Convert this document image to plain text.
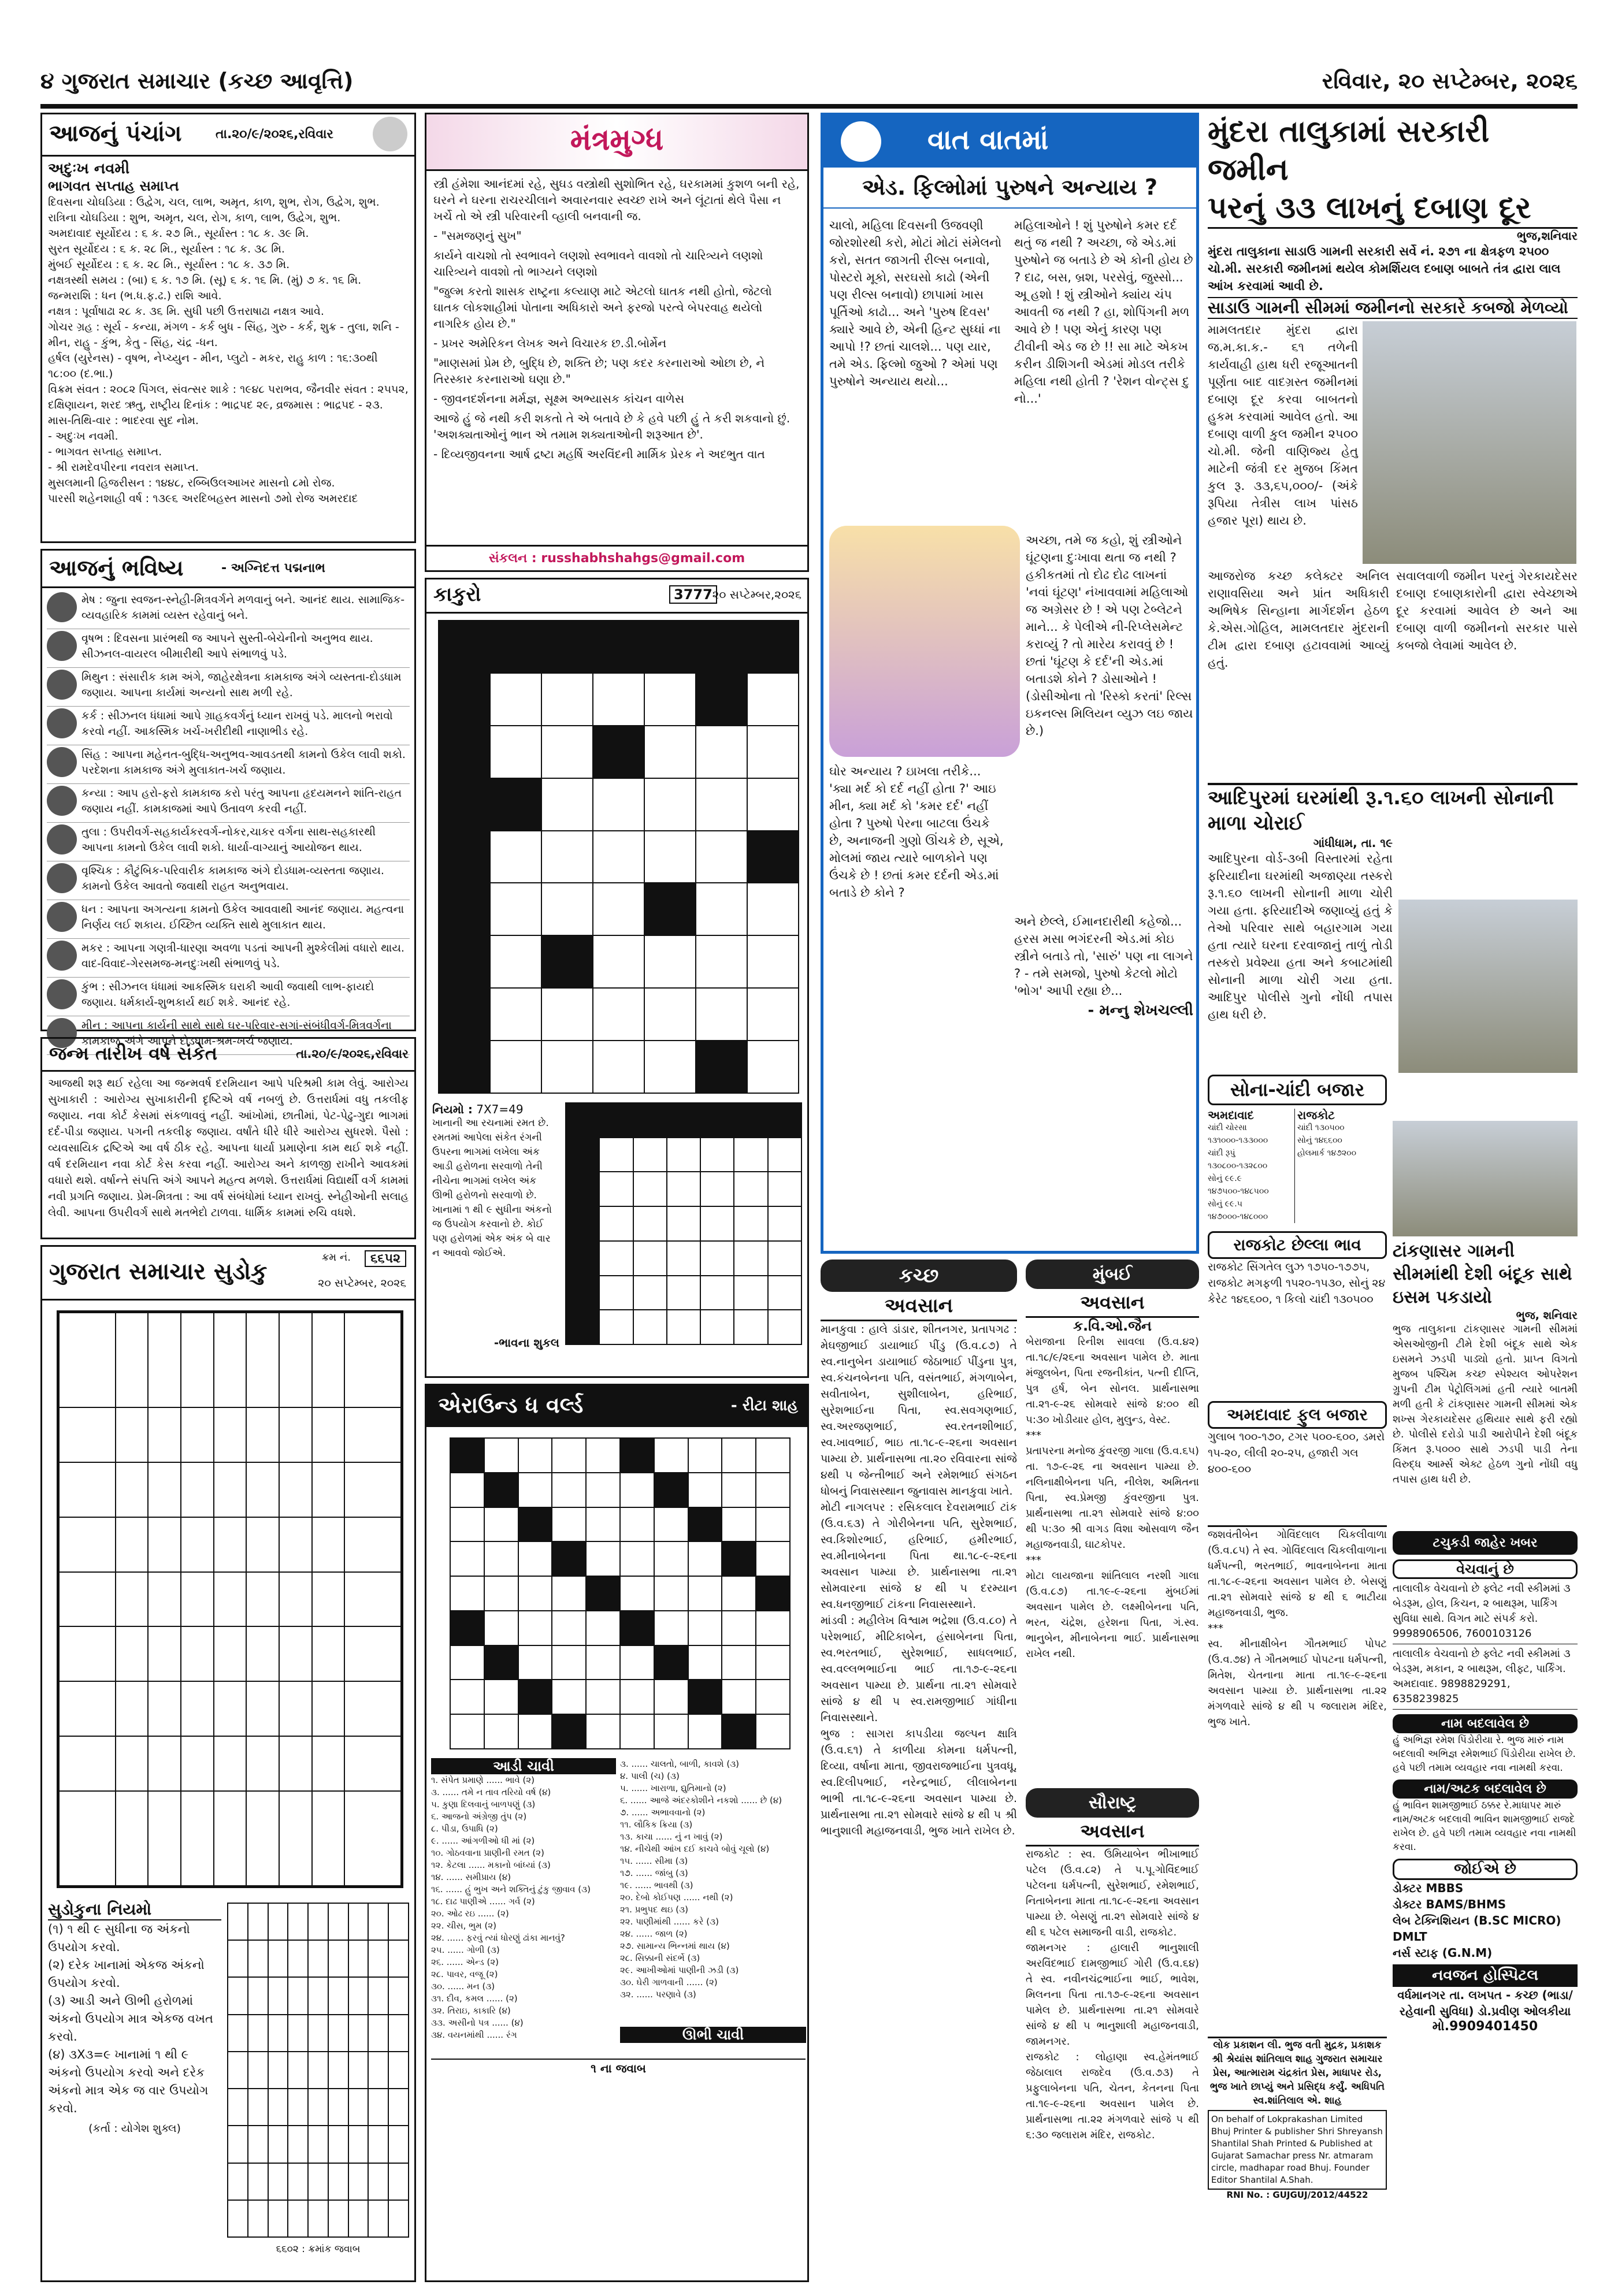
૪ ગુજરાત સમાચાર (કચ્છ આવૃત્તિ)	રવિવાર, ૨૦ સપ્ટેમ્બર, ૨૦૨૬
આજનું પંચાંગ	તા.૨૦/૯/૨૦૨૬,રવિવાર
અદુઃખ નવમી
ભાગવત સપ્તાહ સમાપ્ત
દિવસના ચોઘડિયા : ઉદ્વેગ, ચલ, લાભ, અમૃત, કાળ, શુભ, રોગ, ઉદ્વેગ, શુભ.
રાત્રિના ચોઘડિયા : શુભ, અમૃત, ચલ, રોગ, કાળ, લાભ, ઉદ્વેગ, શુભ.
અમદાવાદ સૂર્યોદય : ૬ ક. ૨૭ મિ., સૂર્યાસ્ત : ૧૮ ક. ૩૯ મિ.
સુરત સૂર્યોદય : ૬ ક. ૨૮ મિ., સૂર્યાસ્ત : ૧૮ ક. ૩૮ મિ.
મુંબઈ સૂર્યોદય : ૬ ક. ૨૮ મિ., સૂર્યાસ્ત : ૧૮ ક. ૩૭ મિ.
નક્ષત્રસ્થી સમય : (બા) ૬ ક. ૧૭ મિ. (સૂ) ૬ ક. ૧૬ મિ. (મું) ૭ ક. ૧૬ મિ.
જન્મરાશિ : ધન (ભ.ધ.ફ.ઢ.) રાશિ આવે.
નક્ષત્ર : પૂર્વાષાઢા ૨૮ ક. ૩૬ મિ. સુધી પછી ઉત્તરાષાઢા નક્ષત્ર આવે.
ગોચર ગ્રહ : સૂર્ય - કન્યા, મંગળ - કર્ક બુધ - સિંહ, ગુરુ - કર્ક, શુક્ર - તુલા, શનિ - મીન, રાહુ - કુંભ, કેતુ - સિંહ, ચંદ્ર -ધન.
હર્ષલ (યુરેનસ) - વૃષભ, નેપ્ચ્યુન - મીન, પ્લુટો - મકર, રાહુ કાળ : ૧૬:૩૦થી ૧૮:૦૦ (દ.ભા.)
વિક્રમ સંવત : ૨૦૮૨ પિંગલ, સંવત્સર શાકે : ૧૯૪૮ પરાભવ, જૈનવીર સંવત : ૨૫૫૨,
દક્ષિણાયન, શરદ ઋતુ, રાષ્ટ્રીય દિનાંક : ભાદ્રપદ ૨૯, વ્રજમાસ : ભાદ્રપદ - ૨૩.
માસ-તિથિ-વાર : ભાદરવા સુદ નોમ.
- અદુઃખ નવમી.
- ભાગવત સપ્તાહ સમાપ્ત.
- શ્રી રામદેવપીરના નવરાત્ર સમાપ્ત.
મુસલમાની હિજરીસન : ૧૪૪૮, રબ્બિઉલઆખર માસનો ૮મો રોજ.
પારસી શહેનશાહી વર્ષ : ૧૩૯૬ અરદિબહસ્ત માસનો ૭મો રોજ અમરદાદ
આજનું ભવિષ્ય	- અગ્નિદત્ત પદ્મનાભ
મેષ : જુના સ્વજન-સ્નેહી-મિત્રવર્ગને મળવાનું બને. આનંદ થાય. સામાજિક-વ્યવહારિક કામમાં વ્યસ્ત રહેવાનું બને.
વૃષભ : દિવસના પ્રારંભથી જ આપને સુસ્તી-બેચેનીનો અનુભવ થાય. સીઝનલ-વાયરલ બીમારીથી આપે સંભાળવું પડે.
મિથુન : સંસારીક કામ અંગે, જાહેરક્ષેત્રના કામકાજ અંગે વ્યસ્તતા-દોડધામ જણાય. આપના કાર્યમાં અન્યનો સાથ મળી રહે.
કર્ક : સીઝનલ ધંધામાં આપે ગ્રાહકવર્ગનું ધ્યાન રાખવું પડે. માલનો ભરાવો કરવો નહીં. આકસ્મિક ખર્ચ-ખરીદીથી નાણાભીડ રહે.
સિંહ : આપના મહેનત-બુદ્ધિ-અનુભવ-આવડતથી કામનો ઉકેલ લાવી શકો. પરદેશના કામકાજ અંગે મુલાકાત-ખર્ચ જણાય.
કન્યા : આપ હરો-ફરો કામકાજ કરો પરંતુ આપના હૃદયમનને શાંતિ-રાહત જણાય નહીં. કામકાજમાં આપે ઉતાવળ કરવી નહીં.
તુલા : ઉપરીવર્ગ-સહકાર્યકરવર્ગ-નોકર,ચાકર વર્ગના સાથ-સહકારથી આપના કામનો ઉકેલ લાવી શકો. ધાર્યા-વાગ્યાનું આયોજન થાય.
વૃશ્ચિક : કૌટુંબિક-પરિવારીક કામકાજ અંગે દોડધામ-વ્યસ્તતા જણાય. કામનો ઉકેલ આવતો જવાથી રાહત અનુભવાય.
ધન : આપના અગત્યના કામનો ઉકેલ આવવાથી આનંદ જણાય. મહત્વના નિર્ણય લઈ શકાય. ઈચ્છિત વ્યક્તિ સાથે મુલાકાત થાય.
મકર : આપના ગણત્રી-ધારણા અવળા પડતાં આપની મુશ્કેલીમાં વધારો થાય. વાદ-વિવાદ-ગેરસમજ-મનદુઃખથી સંભાળવું પડે.
કુંભ : સીઝનલ ધંધામાં આકસ્મિક ઘરાકી આવી જવાથી લાભ-ફાયદો જણાય. ધર્મકાર્ય-શુભકાર્ય થઈ શકે. આનંદ રહે.
મીન : આપના કાર્યની સાથે સાથે ઘર-પરિવાર-સગાં-સંબંધીવર્ગ-મિત્રવર્ગના કામકાજ અંગે આપને દોડધામ-શ્રમ-ખર્ચ જણાય.
જન્મ તારીખ વર્ષ સંકેત	તા.૨૦/૯/૨૦૨૬,રવિવાર
આજથી શરૂ થઈ રહેલા આ જન્મવર્ષ દરમિયાન આપે પરિશ્રમી કામ લેવું. આરોગ્ય સુખાકારી : આરોગ્ય સુખાકારીની દૃષ્ટિએ વર્ષ નબળું છે. ઉત્તરાર્ધમાં વધુ તકલીફ જણાય. નવા કોર્ટ કેસમાં સંકળાવવું નહીં. આંખોમાં, છાતીમાં, પેટ-પેઢુ-ગુદા ભાગમાં દર્દ-પીડા જણાય. પગની તકલીફ જણાય. વર્ષાંતે ધીરે ધીરે આરોગ્ય સુધરશે. પૈસો : વ્યવસાયિક દ્રષ્ટિએ આ વર્ષ ઠીક રહે. આપના ધાર્યા પ્રમાણેના કામ થઈ શકે નહીં. વર્ષ દરમિયાન નવા કોર્ટ કેસ કરવા નહીં. આરોગ્ય અને કાળજી રાખીને આવકમાં વધારો થશે. વર્ષાન્તે સંપત્તિ અંગે આપને મહત્વ મળશે. ઉત્તરાર્ધમાં વિદ્યાર્થી વર્ગ કામમાં નવી પ્રગતિ જણાય. પ્રેમ-મિત્રતા : આ વર્ષ સંબંધોમાં ધ્યાન રાખવું. સ્નેહીઓની સલાહ લેવી. આપના ઉપરીવર્ગ સાથે મતભેદો ટાળવા. ધાર્મિક કામમાં રુચિ વધશે.
ગુજરાત સમાચાર સુડોકુ
ક્રમ નં.	૬૬૫૨
૨૦ સપ્ટેમ્બર, ૨૦૨૬

સુડોકુના નિયમો
(૧) ૧ થી ૯ સુધીના જ અંકનો ઉપયોગ કરવો.
(૨) દરેક ખાનામાં એકજ અંકનો ઉપયોગ કરવો.
(૩) આડી અને ઊભી હરોળમાં અંકનો ઉપયોગ માત્ર એકજ વખત કરવો.
(૪) ૩X૩=૯ ખાનામાં ૧ થી ૯ અંકનો ઉપયોગ કરવો અને દરેક અંકનો માત્ર એક જ વાર ઉપયોગ કરવો.
(કર્તા : યોગેશ શુક્લ)

૬૬૦૨ : ક્રમાંક જવાબ
મંત્રમુગ્ધ
સ્ત્રી હંમેશા આનંદમાં રહે, સુઘડ વસ્ત્રોથી સુશોભિત રહે, ઘરકામમાં કુશળ બની રહે, ઘરને ને ઘરના રાચરચીલાને અવારનવાર સ્વચ્છ રાખે અને લૂંટાતાં થેલે પૈસા ન ખર્ચે તો એ સ્ત્રી પરિવારની વ્હાલી બનવાની જ.
- "સમજણનું સુખ"
કાર્યને વાચશો તો સ્વભાવને લણશો સ્વભાવને વાવશો તો ચારિત્ર્યને લણશો ચારિત્ર્યને વાવશો તો ભાગ્યને લણશો
"જુલ્મ કરતો શાસક રાષ્ટ્રના કલ્યાણ માટે એટલો ઘાતક નથી હોતો, જેટલો ઘાતક લોકશાહીમાં પોતાના અધિકારો અને ફરજો પરત્વે બેપરવાહ થયેલો નાગરિક હોય છે."
- પ્રખર અમેરિકન લેખક અને વિચારક છ.ડી.બોર્મેન
"માણસમાં પ્રેમ છે, બુદ્ધિ છે, શક્તિ છે; પણ કદર કરનારાઓ ઓછા છે, ને તિરસ્કાર કરનારાઓ ઘણા છે."
- જીવનદર્શનના મર્મજ્ઞ, સૂક્ષ્મ અભ્યાસક કાંચન વાળેસ
આજે હું જે નથી કરી શકતો તે એ બતાવે છે કે હવે પછી હું તે કરી શકવાનો છું. 'અશક્યતાઓનું ભાન એ તમામ શક્યતાઓની શરૂઆત છે'.
- દિવ્યજીવનના આર્ષ દ્રષ્ટા મહર્ષિ અરવિંદની માર્મિક પ્રેરક ને અદભુત વાત
સંકલન : russhabhshahgs@gmail.com
કાકુરો	3777 ૨૦ સપ્ટેમ્બર,૨૦૨૬

નિયમો : 7X7=49
ખાનાની આ રચનામાં રમત છે. રમતમાં આપેલા સંકેત રંગની ઉપરના ભાગમાં લખેલા અંક આડી હરોળના સરવાળો તેની નીચેના ભાગમાં લખેલ અંક ઊભી હરોળનો સરવાળો છે. ખાનામાં ૧ થી ૯ સુધીના અંકનો જ ઉપયોગ કરવાનો છે. કોઈ પણ હરોળમાં એક અંક બે વાર ન આવવો જોઈએ.
-ભાવના શુકલ

એરાઉન્ડ ધ વર્લ્ડ	- રીટા શાહ

આડી ચાવી
૧. સંપેત પ્રમાણે ...... ભાવે (૨)
૩. ...... તમે ન તાવ તરિયો વર્ષ (૪)
૫. કુણા દિલવાનું બાળપણું (૩)
૬. આજનો અંગ્રેજી તુંપ (૨)
૮. પીડા, ઉપાધિ (૨)
૯. ...... આંગળીઓ ધી માં (૨)
૧૦. ગોઠવવાના પ્રાણીની રમત (૨)
૧૨. કેટલા ...... મકાનો બાંધ્યાં (૩)
૧૪. ...... સમીપ્રાય (૪)
૧૬. ...... હું ભુખ અને શક્તિનું ટુંકુ જીવાવ (૩)
૧૮. દાઢ પાણીએ ...... ગર્વ (૨)
૨૦. ઓઢ રઇ ...... (૨)
૨૨. ચીસ, ભુમ (૨)
૨૪. ...... ફરવું ત્યાં ધોરણું ઢાંકા માનવું?
૨૫. ...... ગોળી (૩)
૨૬. ...... એન્ડ (૨)
૨૮. પાવર, વજૂ (૨)
૩૦. ...... મન (૩)
૩૧. દીવ, કમલ ...... (૨)
૩૨. તિરાઇ, કાકારિ (૪)
૩૩. અસીનો પત્ર ...... (૪)
૩૪. વયનમાંથી ...... રંગ
૩. ...... ચાલતો, બાળી, કાવશે (૩)
૪. પાલી (ચ) (૩)
૫. ...... ખારાળા, દ્યુતિમાનો (૨)
૬. ...... આજે અંદરકોશીને નકશો ...... છે (૪)
૭. ...... અભાવવાનો (૨)
૧૧. લૌકિક ક્રિયા (૩)
૧૩. કાચા ...... નું ન ખાવું (૨)
૧૪. નીચેથી આંખ દઈ કાચવે બોવું ચૂલો (૪)
૧૫. ...... સીમા (૩)
૧૭. ...... જાંબુ (૩)
૧૯. ...... ભાવથી (૩)
૨૦. દેબો કોઈપણ ...... નથી (૨)
૨૧. પ્રભુપદ થઇ (૩)
૨૨. પાણીમાંથી ...... કરે (૩)
૨૪. ...... જાળ (૨)
૨૭. સામાન્ય ભિન્નમાં થાય (૪)
૨૮. સિક્કાની સંદર્ભે (૩)
૨૯. આખીઓમાં પાણીની ઝડી (૩)
૩૦. ઘેરી ગાળવાની ...... (૨)
૩૨. ...... પરણાવે (૩)
ઊભી ચાવી
૧ ના જવાબ
વાત વાતમાં
એડ. ફિલ્મોમાં પુરુષને અન્યાય ?

ચાલો, મહિલા દિવસની ઉજવણી જોરશોરથી કરો, મોટાં મોટાં સંમેલનો કરો, સતત જાગતી રીલ્સ બનાવો, પોસ્ટરો મૂકો, સરઘસો કાઢો (એની પણ રીલ્સ બનાવો) છાપામાં ખાસ પૂર્તિઓ કાઢો... અને 'પુરુષ દિવસ' ક્યારે આવે છે, એની હિન્ટ સુધ્ધાં ના આપો !? છતાં ચાલશે... પણ યાર, તમે એડ. ફિલ્મો જુઓ ? એમાં પણ પુરુષોને અન્યાય થયો...

મહિલાઓને ! શું પુરુષોને કમર દર્દ થતું જ નથી ? અચ્છા, જે એડ.માં પુરુષોને જ બતાડે છે એ કોની હોય છે ? દાઢ, બસ, બ્રશ, પરસેવું, જુસ્સો... અ‍ૂ હશો ! શું સ્ત્રીઓને ક્યાંય ચંપ આવતી જ નથી ? હા, શોપિંગની મળ આવે છે ! પણ એનું કારણ પણ ટીવીની એડ જ છે !! સા માટે એકખ કરીન ડીશિગની એડમાં મોડલ તરીકે મહિલા નથી હોતી ? 'રેશન વોન્ટ્સ દુ નો...'

અચ્છા, તમે જ કહો, શું સ્ત્રીઓને ઘૂંટણના દુઃખાવા થતા જ નથી ? હકીકતમાં તો દોઢ દોઢ લાખનાં 'નવાં ઘૂંટણ' નંખાવવામાં મહિલાઓ જ અગ્રેસર છે ! એ પણ ટેબ્લેટને માને... કે પેલીએ ની-રિપ્લેસમેન્ટ કરાવ્યું ? તો મારેય કરાવવું છે ! છતાં 'ઘૂંટણ કે દર્દ'ની એડ.માં બતાડશે કોને ? ડોસાઓને ! (ડોસીઓના તો 'રિસ્કો કરતાં' રિલ્સ ઇકનલ્સ મિલિયન વ્યુઝ લઇ જાય છે.)

ઘોર અન્યાય ? ઇાખલા તરીકે... 'ક્યા મર્દ કો દર્દ નહીં હોતા ?' આઇ મીન, ક્યા મર્દ કો 'કમર દર્દ' નહીં હોતા ? પુરુષો પેરના બાટલા ઉંચકે છે, અનાજની ગુણો ઊંચકે છે, સૂએ, મોલમાં જાય ત્યારે બાળકોને પણ ઉંચકે છે ! છતાં કમર દર્દની એડ.માં બતાડે છે કોને ?

અને છેલ્લે, ઈમાનદારીથી કહેજો... હરસ મસા ભગંદરની એડ.માં કોઇ સ્ત્રીને બતાડે તો, 'સારું' પણ ના લાગને ? - તમે સમજો, પુરુષો કેટલો મોટો 'ભોગ' આપી રહ્યા છે...

- મન્નુ શેખચલ્લી

કચ્છ
અવસાન
માનકુવા : હાલે ડાંડાર, શીતનગર, પ્રતાપગઢ : મેઘજીભાઈ ડાયાભાઈ પીંડુ (ઉ.વ.૮૭) તે સ્વ.નાનુબેન ડાયાભાઈ જેઠાભાઈ પીંડુના પુત્ર, સ્વ.કંચનબેનના પતિ, વસંતભાઈ, મંગળાબેન, સવીતાબેન, સુશીલાબેન, હરિભાઈ, સુરેશભાઈના પિતા, સ્વ.સવગણભાઈ, સ્વ.અરજણભાઈ, સ્વ.રતનશીભાઈ, સ્વ.ખાવભાઈ, ભાઇ તા.૧૮-૯-૨૬ના અવસાન પામ્યા છે. પ્રાર્થનાસભા તા.૨૦ રવિવારના સાંજે ૪થી ૫ જેન્તીભાઈ અને રમેશભાઈ સંગઠન ધોબનું નિવાસસ્થાન જુનાવાસ માનકુવા ખાતે.
મોટી નાગલપર : રસિકલાલ દેવરામભાઈ ટાંક (ઉ.વ.૬૩) તે ગોરીબેનના પતિ, સુરેશભાઈ, સ્વ.કિશોરભાઈ, હરિભાઈ, હમીરભાઈ, સ્વ.મીનાબેનના પિતા થા.૧૮-૯-૨૬ના અવસાન પામ્યા છે. પ્રાર્થનાસભા તા.૨૧ સોમવારના સાંજે ૪ થી ૫ દરમ્યાન સ્વ.ધનજીભાઈ ટાંકના નિવાસસ્થાને.
માંડવી : મહીલેખ વિશ્વામ ભદ્રેશા (ઉ.વ.૮૦) તે પરેશભાઈ, મીટિકાબેન, હંસાબેનના પિતા, સ્વ.ભરતભાઈ, સુરેશભાઈ, સાધલભાઈ, સ્વ.વલ્લભભાઈના ભાઈ તા.૧૭-૯-૨૬ના અવસાન પામ્યા છે. પ્રાર્થના તા.૨૧ સોમવારે સાંજે ૪ થી ૫ સ્વ.રામજીભાઈ ગાંધીના નિવાસસ્થાને.
ભુજ : સાગરા કાપડીયા જલ્પન ક્ષાત્રિ (ઉ.વ.૬૧) તે કાળીયા કોમના ધર્મપત્ની, દિવ્યા, વર્ષાના માતા, જીવરાજભાઈના પુત્રવધૂ, સ્વ.દિલીપભાઈ, નરેન્દ્રભાઈ, લીલાબેનના ભાભી તા.૧૮-૯-૨૬ના અવસાન પામ્યા છે. પ્રાર્થનાસભા તા.૨૧ સોમવારે સાંજે ૪ થી ૫ શ્રી ભાનુશાલી મહાજનવાડી, ભુજ ખાતે રાખેલ છે.
મુંબઈ
અવસાન
ક.વિ.ઓ.જૈન
બેરાજાના રિનીશ સાવલા (ઉ.વ.૪૨) તા.૧૮/૯/૨૬ના અવસાન પામેલ છે. માતા મંજુલબેન, પિતા રજનીકાંત, પત્ની દીપ્તિ, પુત્ર હર્ષ, બેન સોનલ. પ્રાર્થનાસભા તા.૨૧-૯-૨૬ સોમવારે સાંજે ૪:૦૦ થી ૫:૩૦ ખોડીયાર હોલ, મુલુન્ડ, વેસ્ટ.
***
પ્રતાપરના મનોજ કુંવરજી ગાલા (ઉ.વ.૬૫) તા. ૧૭-૯-૨૬ ના અવસાન પામ્યા છે. નલિનાક્ષીબેનના પતિ, નીલેશ, અમિતના પિતા, સ્વ.પ્રેમજી કુંવરજીના પુત્ર. પ્રાર્થનાસભા તા.૨૧ સોમવારે સાંજે ૪:૦૦ થી ૫:૩૦ શ્રી વાગડ વિશા ઓસવાળ જૈન મહાજનવાડી, ઘાટકોપર.
***
મોટા લાયજાના શાંતિલાલ નરશી ગાલા (ઉ.વ.૮૭) તા.૧૯-૯-૨૬ના મુંબઈમાં અવસાન પામેલ છે. લક્ષ્મીબેનના પતિ, ભરત, ચંદ્રેશ, હરેશના પિતા, ગં.સ્વ. ભાનુબેન, મીનાબેનના ભાઈ. પ્રાર્થનાસભા રાખેલ નથી.
સૌરાષ્ટ્ર
અવસાન
રાજકોટ : સ્વ. ઉમિયાબેન ભીખાભાઈ પટેલ (ઉ.વ.૮૨) તે પ.પૂ.ગોવિંદભાઈ પટેલના ધર્મપત્ની, સુરેશભાઈ, રમેશભાઈ, નિતાબેનના માતા તા.૧૮-૯-૨૬ના અવસાન પામ્યા છે. બેસણું તા.૨૧ સોમવારે સાંજે ૪ થી ૬ પટેલ સમાજની વાડી, રાજકોટ.
જામનગર : હાલારી ભાનુશાલી અરવિંદભાઈ દામજીભાઈ ગોરી (ઉ.વ.૬૪) તે સ્વ. નવીનચંદ્રભાઈના ભાઈ, ભાવેશ, મિલનના પિતા તા.૧૭-૯-૨૬ના અવસાન પામેલ છે. પ્રાર્થનાસભા તા.૨૧ સોમવારે સાંજે ૪ થી ૫ ભાનુશાલી મહાજનવાડી, જામનગર.
રાજકોટ : લોહાણા સ્વ.હેમંતભાઈ જેઠાલાલ રાજદેવ (ઉ.વ.૭૩) તે પ્રફુલાબેનના પતિ, ચેતન, કેતનના પિતા તા.૧૯-૯-૨૬ના અવસાન પામેલ છે. પ્રાર્થનાસભા તા.૨૨ મંગળવારે સાંજે ૫ થી ૬:૩૦ જલારામ મંદિર, રાજકોટ.
મુંદરા તાલુકામાં સરકારી જમીન
પરનું ૩૩ લાખનું દબાણ દૂર
ભુજ,શનિવાર
મુંદરા તાલુકાના સાડાઉ ગામની સરકારી સર્વે નં. ૨૭૧ ના ક્ષેત્રફળ ૨૫૦૦ ચો.મી. સરકારી જમીનમાં થયેલ કોમર્શિયલ દબાણ બાબતે તંત્ર દ્વારા લાલ આંખ કરવામાં આવી છે.
સાડાઉ ગામની સીમમાં જમીનનો સરકારે કબજો મેળવ્યો
મામલતદાર મુંદરા દ્વારા જ.મ.કા.ક.- ૬૧ તળેની કાર્યવાહી હાથ ધરી રજૂઆતની પૂર્ણતા બાદ વાદગ્રસ્ત જમીનમાં દબાણ દૂર કરવા બાબતનો હુકમ કરવામાં આવેલ હતો. આ દબાણ વાળી કુલ જમીન ૨૫૦૦ ચો.મી. જેની વાણિજ્ય હેતુ માટેની જંત્રી દર મુજબ કિંમત કુલ રૂ. ૩૩,૬૫,૦૦૦/- (અંકે રૂપિયા તેત્રીસ લાખ પાંસઠ હજાર પૂરા) થાય છે.
આજરોજ કચ્છ કલેક્ટર અનિલ રાણાવસિયા અને પ્રાંત અધિકારી અભિષેક સિન્હાના માર્ગદર્શન હેઠળ કે.એસ.ગોહિલ, મામલતદાર મુંદરાની ટીમ દ્વારા દબાણ હટાવવામાં આવ્યું હતું.
સવાલવાળી જમીન પરનું ગેરકાયદેસર દબાણ દબાણકારોની દ્વારા સ્વેચ્છાએ દૂર કરવામાં આવેલ છે અને આ દબાણ વાળી જમીનનો સરકાર પાસે કબજો લેવામાં આવેલ છે.
આદિપુરમાં ઘરમાંથી રૂ.૧.૬૦ લાખની સોનાની માળા ચોરાઈ
ગાંધીધામ, તા. ૧૯
આદિપુરના વોર્ડ-૩બી વિસ્તારમાં રહેતા ફરિયાદીના ઘરમાંથી અજાણ્યા તસ્કરો રૂ.૧.૬૦ લાખની સોનાની માળા ચોરી ગયા હતા. ફરિયાદીએ જણાવ્યું હતું કે તેઓ પરિવાર સાથે બહારગામ ગયા હતા ત્યારે ઘરના દરવાજાનું તાળું તોડી તસ્કરો પ્રવેશ્યા હતા અને કબાટમાંથી સોનાની માળા ચોરી ગયા હતા. આદિપુર પોલીસે ગુનો નોંધી તપાસ હાથ ધરી છે.
સોના-ચાંદી બજાર
અમદાવાદ
ચાંદી ચોરસા ૧૩૧૦૦૦-૧૩૩૦૦૦
ચાંદી રૂપું ૧૩૦૮૦૦-૧૩૨૮૦૦
સોનું ૯૯.૯ ૧૪૭૫૦૦-૧૪૮૫૦૦
સોનું ૯૯.૫ ૧૪૭૦૦૦-૧૪૮૦૦૦
રાજકોટ
ચાંદી ૧૩૦૫૦૦
સોનું ૧૪૬૬૦૦
હોલમાર્ક ૧૪૭૨૦૦
રાજકોટ છેલ્લા ભાવ
રાજકોટ સિંગતેલ લુઝ ૧૭૫૦-૧૭૭૫, રાજકોટ મગફળી ૧૫૨૦-૧૫૩૦, સોનું ૨૪ કેરેટ ૧૪૬૬૦૦, ૧ કિલો ચાંદી ૧૩૦૫૦૦
અમદાવાદ ફુલ બજાર
ગુલાબ ૧૦૦-૧૭૦, ટગર ૫૦૦-૬૦૦, ડમરો ૧૫-૨૦, લીલી ૨૦-૨૫, હજારી ગલ ૪૦૦-૬૦૦
ટાંકણાસર ગામની સીમમાંથી દેશી બંદૂક સાથે ઇસમ પકડાયો
ભુજ, શનિવાર
ભુજ તાલુકાના ટાંકણાસર ગામની સીમમાં એસઓજીની ટીમે દેશી બંદૂક સાથે એક ઇસમને ઝડપી પાડ્યો હતો. પ્રાપ્ત વિગતો મુજબ પશ્ચિમ કચ્છ સ્પેશ્યલ ઓપરેશન ગ્રુપની ટીમ પેટ્રોલિંગમાં હતી ત્યારે બાતમી મળી હતી કે ટાંકણાસર ગામની સીમમાં એક શખ્સ ગેરકાયદેસર હથિયાર સાથે ફરી રહ્યો છે. પોલીસે દરોડો પાડી આરોપીને દેશી બંદૂક કિંમત રૂ.૫૦૦૦ સાથે ઝડપી પાડી તેના વિરુદ્ધ આર્મ્સ એક્ટ હેઠળ ગુનો નોંધી વધુ તપાસ હાથ ધરી છે.
જશવંતીબેન ગોવિંદલાલ ચિકલીવાળા (ઉ.વ.૮૫) તે સ્વ. ગોવિંદલાલ ચિકલીવાળાના ધર્મપત્ની, ભરતભાઈ, ભાવનાબેનના માતા તા.૧૮-૯-૨૬ના અવસાન પામેલ છે. બેસણું તા.૨૧ સોમવારે સાંજે ૪ થી ૬ ભાટીયા મહાજનવાડી, ભુજ.
***
સ્વ. મીનાક્ષીબેન ગૌતમભાઈ પોપટ (ઉ.વ.૭૪) તે ગૌતમભાઈ પોપટના ધર્મપત્ની, મિતેશ, ચેતનાના માતા તા.૧૯-૯-૨૬ના અવસાન પામ્યા છે. પ્રાર્થનાસભા તા.૨૨ મંગળવારે સાંજે ૪ થી ૫ જલારામ મંદિર, ભુજ ખાતે.
લોક પ્રકાશન લી. ભુજ વતી મુદ્રક, પ્રકાશક શ્રી શ્રેયાંસ શાંતિલાલ શાહ ગુજરાત સમાચાર પ્રેસ, આત્મારામ ચંદ્રકાંત પ્રેસ, માધાપર રોડ, ભુજ ખાતે છાપ્યું અને પ્રસિદ્ધ કર્યું. અધિપતિ સ્વ.શાંતિલાલ એ. શાહ
On behalf of Lokprakashan Limited Bhuj Printer & publisher Shri Shreyansh Shantilal Shah Printed & Published at Gujarat Samachar press Nr. atmaram circle, madhapar road Bhuj. Founder Editor Shantilal A.Shah.
RNI No. : GUJGUJ/2012/44522
ટચુકડી જાહેર ખબર
વેચવાનું છે
તાલાલીક વેચવાનો છે ફ્લેટ નવી સ્કીમમાં ૩ બેડરૂમ, હોલ, કિચન, ૨ બાથરૂમ, પાર્કિંગ સુવિધા સાથે. વિગત માટે સંપર્ક કરો. 9998906506, 7600103126
તાલાલીક વેચવાનો છે ફ્લેટ નવી સ્કીમમાં ૩ બેડરૂમ, મકાન, ૨ બાથરૂમ, લીફ્ટ, પાર્કિંગ. અમદાવાદ. 9898829291, 6358239825
નામ બદલાવેલ છે
હું અભિજ્ઞ રમેશ પિંડોરીયા રે. ભુજ મારું નામ બદલાવી અભિજ્ઞ રમેશભાઈ પિંડોરીયા રાખેલ છે. હવે પછી તમામ વ્યવહાર નવા નામથી કરવા.
નામ/અટક બદલાવેલ છે
હું ભાવિન શામજીભાઈ ઠક્કર રે.માધાપર મારું નામ/અટક બદલાવી ભાવિન શામજીભાઈ રાજદે રાખેલ છે. હવે પછી તમામ વ્યવહાર નવા નામથી કરવા.
જોઈએ છે
ડોક્ટર MBBS
ડોક્ટર BAMS/BHMS
લેબ ટેક્નિશિયન (B.SC MICRO) DMLT
નર્સ સ્ટાફ (G.N.M)
નવજન હોસ્પિટલ
વર્ધમાનગર તા. લખપત - કચ્છ (ભાડા/રહેવાની સુવિધા) ડો.પ્રવીણ ઓલકીયા
મો.9909401450
